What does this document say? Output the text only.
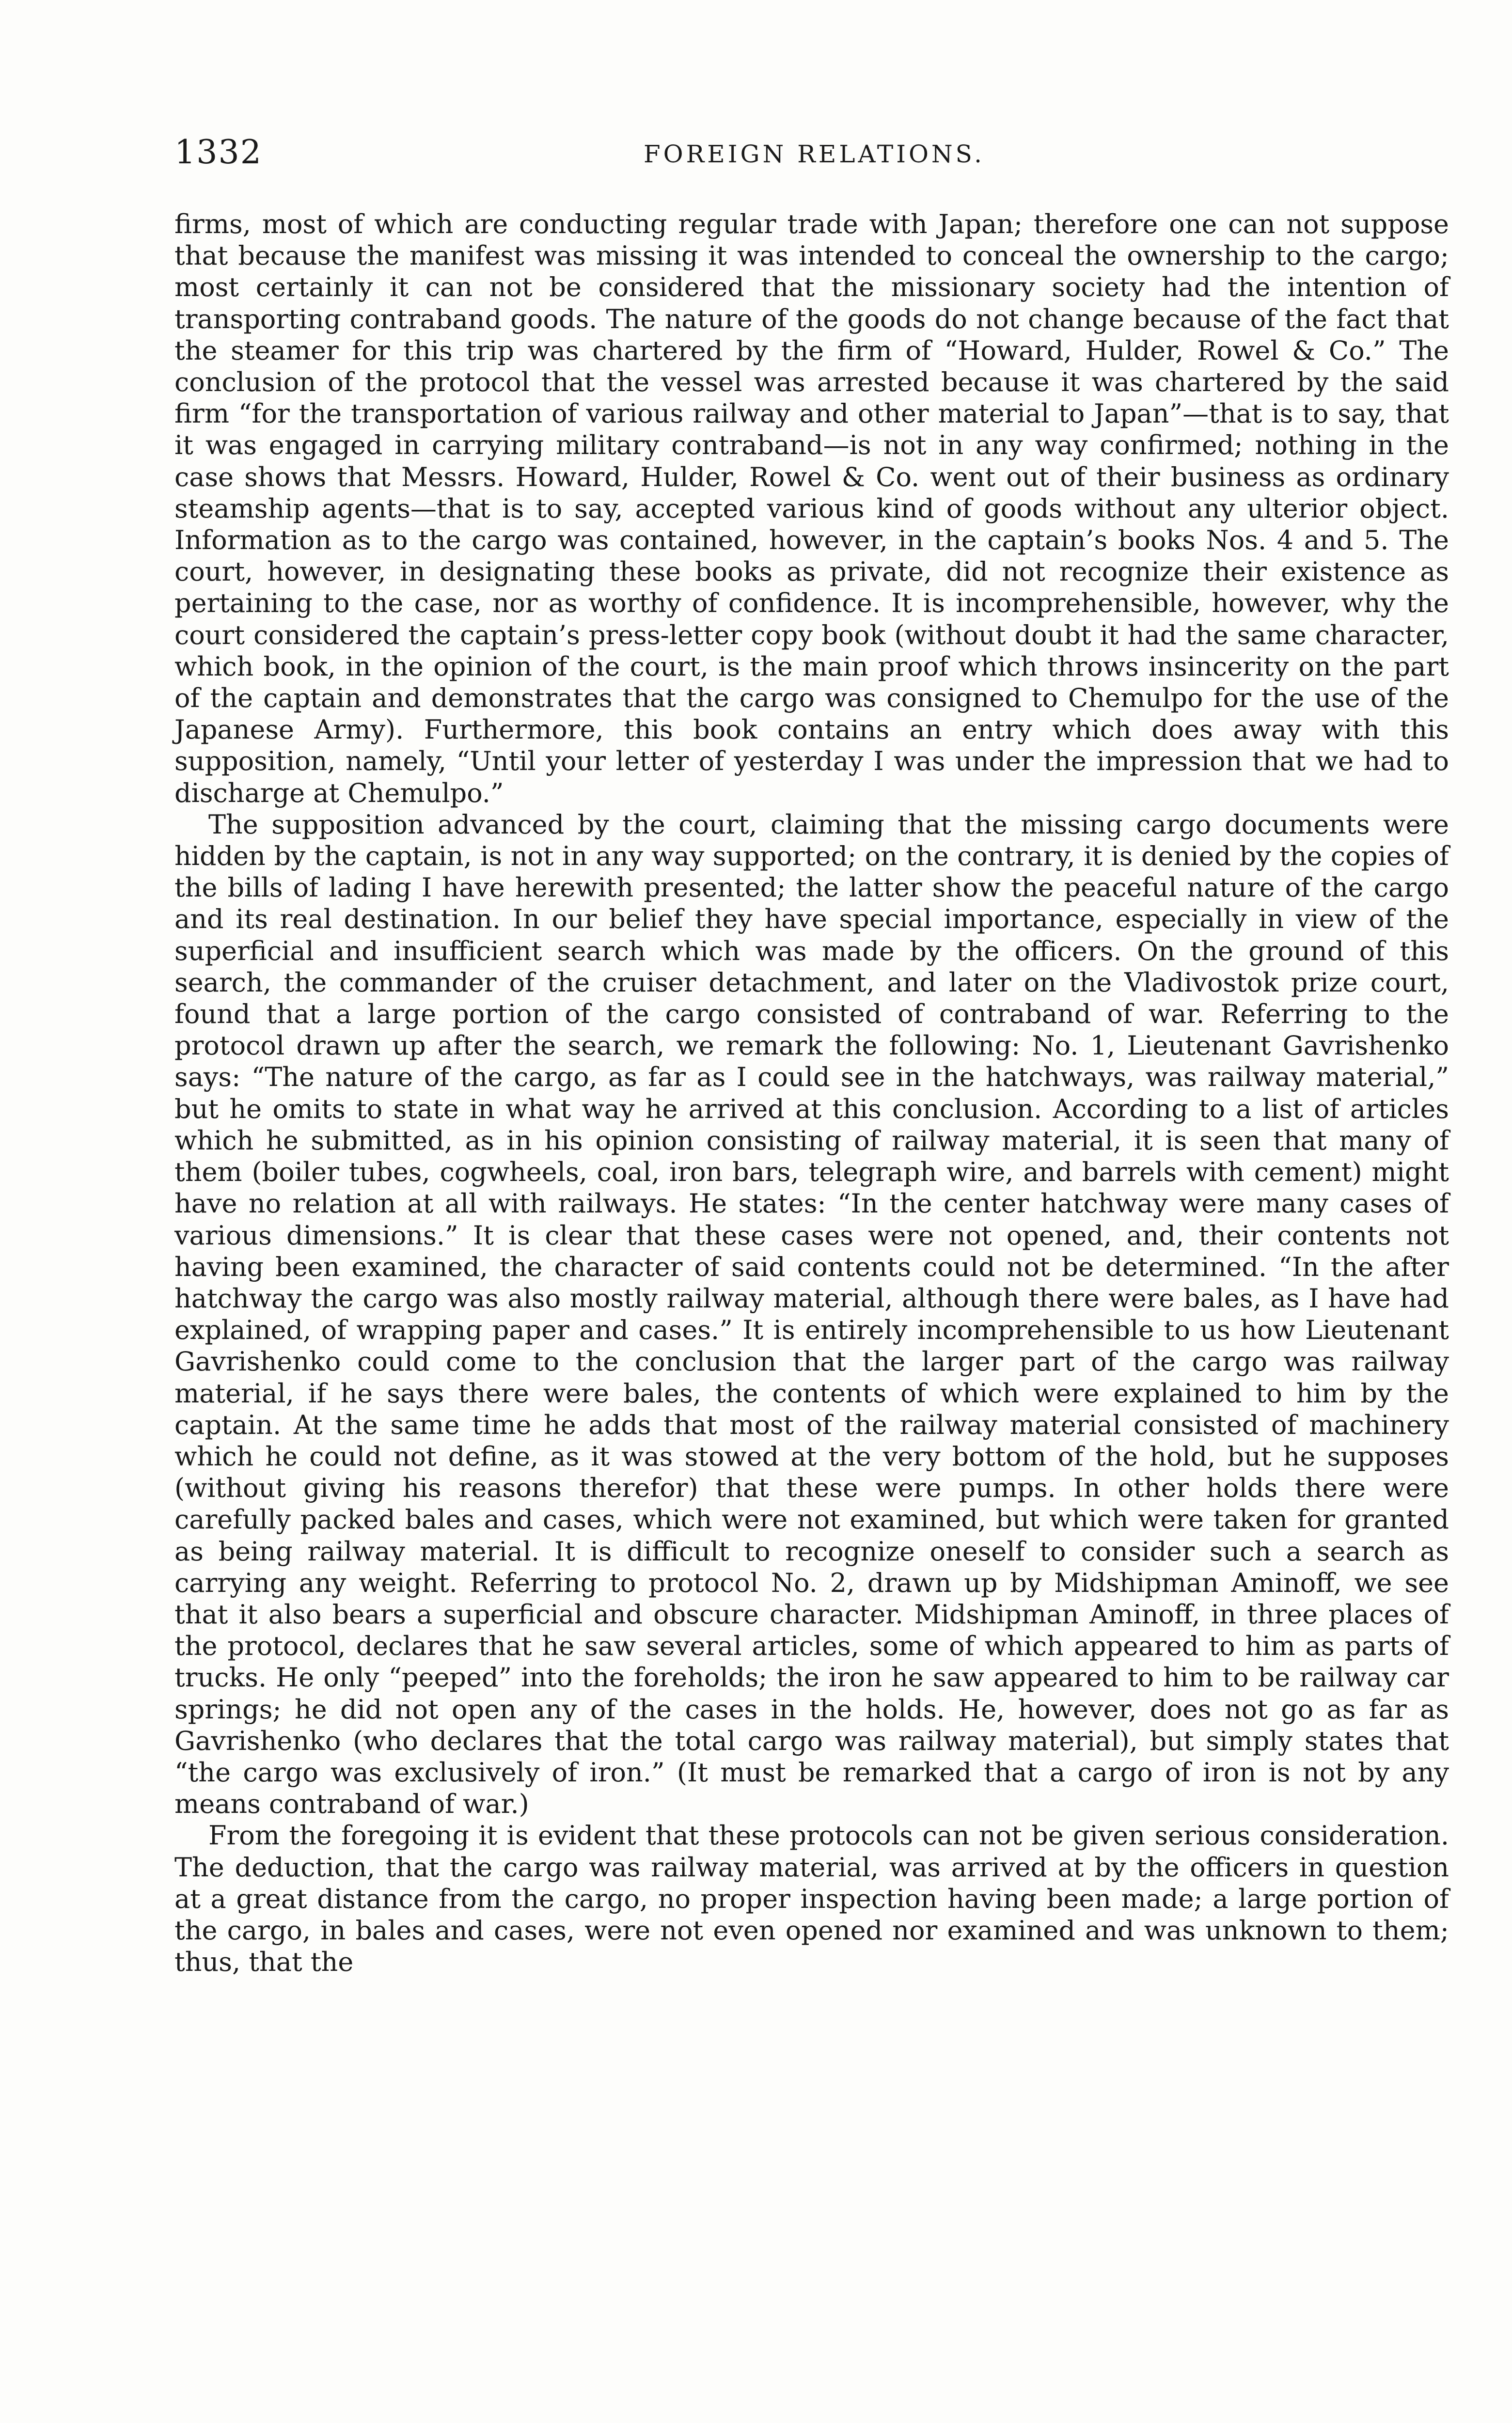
1332	FOREIGN RELATIONS.

firms, most of which are conducting regular trade with Japan; therefore one can not suppose that because the manifest was missing it was intended to conceal the ownership to the cargo; most certainly it can not be considered that the missionary society had the intention of transporting contraband goods. The nature of the goods do not change because of the fact that the steamer for this trip was chartered by the firm of “Howard, Hulder, Rowel & Co.” The conclusion of the protocol that the vessel was arrested because it was chartered by the said firm “for the transportation of various railway and other material to Japan”—that is to say, that it was engaged in carrying military contraband—is not in any way confirmed; nothing in the case shows that Messrs. Howard, Hulder, Rowel & Co. went out of their business as ordinary steamship agents—that is to say, accepted various kind of goods without any ulterior object. Information as to the cargo was contained, however, in the captain’s books Nos. 4 and 5. The court, however, in designating these books as private, did not recognize their existence as pertaining to the case, nor as worthy of confidence. It is incomprehensible, however, why the court considered the captain’s press-letter copy book (without doubt it had the same character, which book, in the opinion of the court, is the main proof which throws insincerity on the part of the captain and demonstrates that the cargo was consigned to Chemulpo for the use of the Japanese Army). Furthermore, this book contains an entry which does away with this supposition, namely, “Until your letter of yesterday I was under the impression that we had to discharge at Chemulpo.”

The supposition advanced by the court, claiming that the missing cargo documents were hidden by the captain, is not in any way supported; on the contrary, it is denied by the copies of the bills of lading I have herewith presented; the latter show the peaceful nature of the cargo and its real destination. In our belief they have special importance, especially in view of the superficial and insufficient search which was made by the officers. On the ground of this search, the commander of the cruiser detachment, and later on the Vladivostok prize court, found that a large portion of the cargo consisted of contraband of war. Referring to the protocol drawn up after the search, we remark the following: No. 1, Lieutenant Gavrishenko says: “The nature of the cargo, as far as I could see in the hatchways, was railway material,” but he omits to state in what way he arrived at this conclusion. According to a list of articles which he submitted, as in his opinion consisting of railway material, it is seen that many of them (boiler tubes, cogwheels, coal, iron bars, telegraph wire, and barrels with cement) might have no relation at all with railways. He states: “In the center hatchway were many cases of various dimensions.” It is clear that these cases were not opened, and, their contents not having been examined, the character of said contents could not be determined. “In the after hatchway the cargo was also mostly railway material, although there were bales, as I have had explained, of wrapping paper and cases.” It is entirely incomprehensible to us how Lieutenant Gavrishenko could come to the conclusion that the larger part of the cargo was railway material, if he says there were bales, the contents of which were explained to him by the captain. At the same time he adds that most of the railway material consisted of machinery which he could not define, as it was stowed at the very bottom of the hold, but he supposes (without giving his reasons therefor) that these were pumps. In other holds there were carefully packed bales and cases, which were not examined, but which were taken for granted as being railway material. It is difficult to recognize oneself to consider such a search as carrying any weight. Referring to protocol No. 2, drawn up by Midshipman Aminoff, we see that it also bears a superficial and obscure character. Midshipman Aminoff, in three places of the protocol, declares that he saw several articles, some of which appeared to him as parts of trucks. He only “peeped” into the foreholds; the iron he saw appeared to him to be railway car springs; he did not open any of the cases in the holds. He, however, does not go as far as Gavrishenko (who declares that the total cargo was railway material), but simply states that “the cargo was exclusively of iron.” (It must be remarked that a cargo of iron is not by any means contraband of war.)

From the foregoing it is evident that these protocols can not be given serious consideration. The deduction, that the cargo was railway material, was arrived at by the officers in question at a great distance from the cargo, no proper inspection having been made; a large portion of the cargo, in bales and cases, were not even opened nor examined and was unknown to them; thus, that the
